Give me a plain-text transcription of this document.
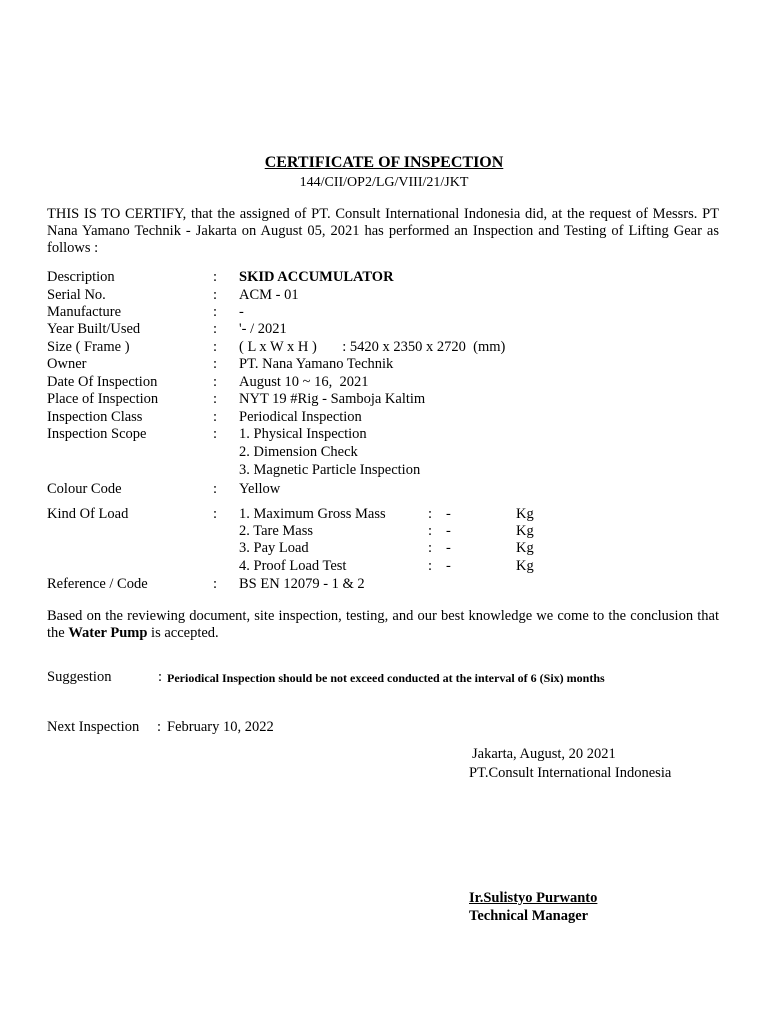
CERTIFICATE OF INSPECTION
144/CII/OP2/LG/VIII/21/JKT
THIS IS TO CERTIFY, that the assigned of PT. Consult International Indonesia did, at the request of Messrs. PT Nana Yamano Technik - Jakarta on August 05, 2021 has performed an Inspection and Testing of Lifting Gear as follows :
Description	: SKID ACCUMULATOR
Serial No.	: ACM - 01
Manufacture	: -
Year Built/Used	: '- / 2021
Size ( Frame )	: ( L x W x H )       : 5420 x 2350 x 2720  (mm)
Owner	: PT. Nana Yamano Technik
Date Of Inspection	: August 10 ~ 16,  2021
Place of Inspection	: NYT 19 #Rig - Samboja Kaltim
Inspection Class	: Periodical Inspection
Inspection Scope	: 1. Physical Inspection
2. Dimension Check
3. Magnetic Particle Inspection
Colour Code	: Yellow
Kind Of Load	: 1. Maximum Gross Mass	: -	Kg
2. Tare Mass	: -	Kg
3. Pay Load	: -	Kg
4. Proof Load Test	: -	Kg
Reference / Code	: BS EN 12079 - 1 & 2
Based on the reviewing document, site inspection, testing, and our best knowledge we come to the conclusion that the Water Pump is accepted.
Suggestion	: Periodical Inspection should be not exceed conducted at the interval of 6 (Six) months
Next Inspection : February 10, 2022
Jakarta, August, 20 2021
PT.Consult International Indonesia
Ir.Sulistyo Purwanto
Technical Manager
